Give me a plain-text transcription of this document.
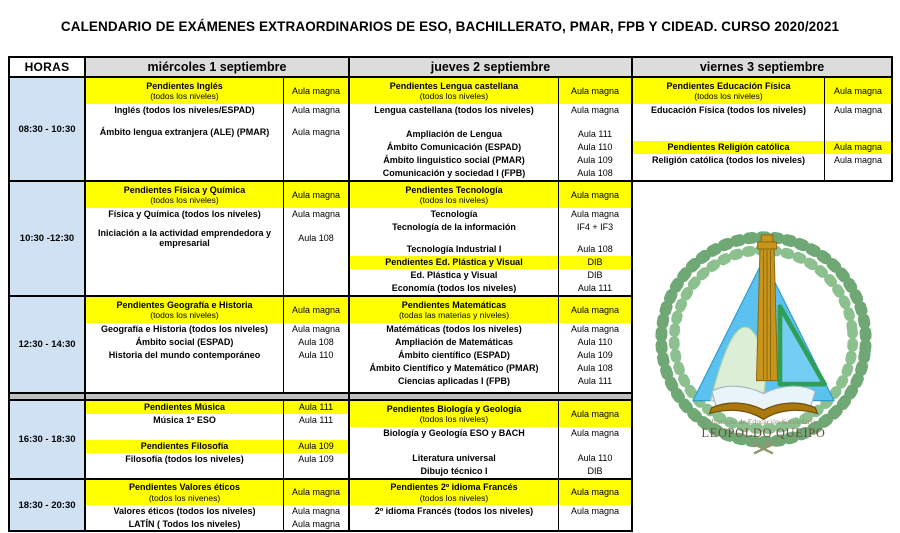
CALENDARIO DE EXÁMENES EXTRAORDINARIOS DE ESO, BACHILLERATO, PMAR, FPB Y CIDEAD. CURSO 2020/2021
HORAS
08:30 - 10:30
10:30 -12:30
12:30 - 14:30
16:30 - 18:30
18:30 - 20:30
miércoles 1 septiembre
Pendientes Inglés
(todos los niveles)
Inglés (todos los niveles/ESPAD)
Ámbito lengua extranjera (ALE) (PMAR)
Aula magna
Aula magna
Aula magna
Pendientes Física y Química
(todos los niveles)
Física y Química (todos los niveles)
Iniciación a la actividad emprendedora y empresarial
Aula magna
Aula magna
Aula 108
Pendientes Geografía e Historia
(todos los niveles)
Geografía e Historia (todos los niveles)
Ámbito social (ESPAD)
Historia del mundo contemporáneo
Aula magna
Aula magna
Aula 108
Aula 110
Pendientes Música
Música 1º ESO
Pendientes Filosofía
Filosofía (todos los niveles)
Aula 111
Aula 111
Aula 109
Aula 109
Pendientes Valores éticos
(todos los nivenes)
Valores éticos (todos los niveles)
LATÍN ( Todos los niveles)
Aula magna
Aula magna
Aula magna
jueves 2 septiembre
Pendientes Lengua castellana
(todos los niveles)
Lengua castellana (todos los niveles)
Ampliación de Lengua
Ámbito Comunicación (ESPAD)
Ámbito linguistico social (PMAR)
Comunicación y sociedad I (FPB)
Aula magna
Aula magna
Aula 111
Aula 110
Aula 109
Aula 108
Pendientes Tecnología
(todos los niveles)
Tecnología
Tecnología de la información
Tecnología Industrial I
Pendientes Ed. Plástica y Visual
Ed. Plástica y Visual
Economía (todos los niveles)
Aula magna
Aula magna
IF4 + IF3
Aula 108
DIB
DIB
Aula 111
Pendientes Matemáticas
(todas las materias y niveles)
Matémáticas (todos los niveles)
Ampliación de Matemáticas
Ámbito científico (ESPAD)
Ámbito Científico y Matemático (PMAR)
Ciencias aplicadas I (FPB)
Aula magna
Aula magna
Aula 110
Aula 109
Aula 108
Aula 111
Pendientes Biología y Geología
(todos los niveles)
Biología y Geología ESO y BACH
Literatura universal
Dibujo técnico I
Aula magna
Aula magna
Aula 110
DIB
Pendientes 2º idioma Francés
(todos los niveles)
2º idioma Francés (todos los niveles)
Aula magna
Aula magna
viernes 3 septiembre
Pendientes Educación Física
(todos los niveles)
Educación Física (todos los niveles)
Pendientes Religión católica
Religión católica (todos los niveles)
Aula magna
Aula magna
Aula magna
Aula magna
Instituto de Educación Secundaria
LEOPOLDO QUEIPO
Melilla
